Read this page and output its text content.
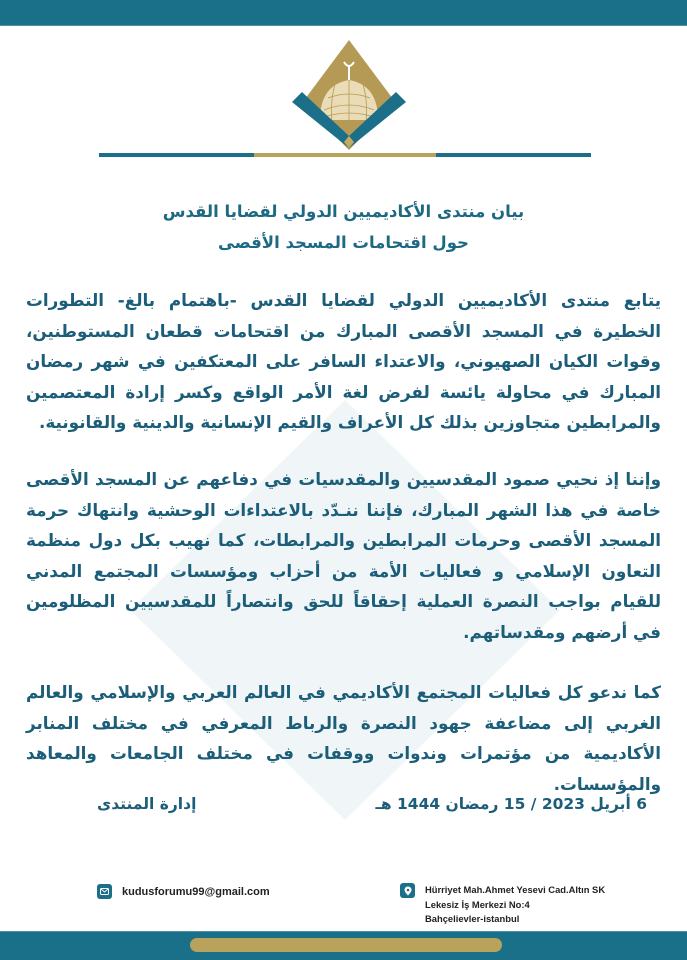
بيان منتدى الأكاديميين الدولي لقضايا القدس
حول اقتحامات المسجد الأقصى

يتابع منتدى الأكاديميين الدولي لقضايا القدس -باهتمام بالغ- التطورات الخطيرة في المسجد الأقصى المبارك من اقتحامات قطعان المستوطنين، وقوات الكيان الصهيوني، والاعتداء السافر على المعتكفين في شهر رمضان المبارك في محاولة يائسة لفرض لغة الأمر الواقع وكسر إرادة المعتصمين والمرابطين متجاوزين بذلك كل الأعراف والقيم الإنسانية والدينية والقانونية.

وإننا إذ نحيي صمود المقدسيين والمقدسيات في دفاعهم عن المسجد الأقصى خاصة في هذا الشهر المبارك، فإننا ننـدّد بالاعتداءات الوحشية وانتهاك حرمة المسجد الأقصى وحرمات المرابطين والمرابطات، كما نهيب بكل دول منظمة التعاون الإسلامي و فعاليات الأمة من أحزاب ومؤسسات المجتمع المدني للقيام بواجب النصرة العملية إحقاقاً للحق وانتصاراً للمقدسيين المظلومين في أرضهم ومقدساتهم.

كما ندعو كل فعاليات المجتمع الأكاديمي في العالم العربي والإسلامي والعالم الغربي إلى مضاعفة جهود النصرة والرباط المعرفي في مختلف المنابر الأكاديمية من مؤتمرات وندوات ووقفات في مختلف الجامعات والمعاهد والمؤسسات.

6 أبريل 2023 / 15 رمضان 1444 هـ
إدارة المنتدى
kudusforumu99@gmail.com	Hürriyet Mah.Ahmet Yesevi Cad.Altın SK
Lekesiz İş Merkezi No:4
Bahçelievler-istanbul
